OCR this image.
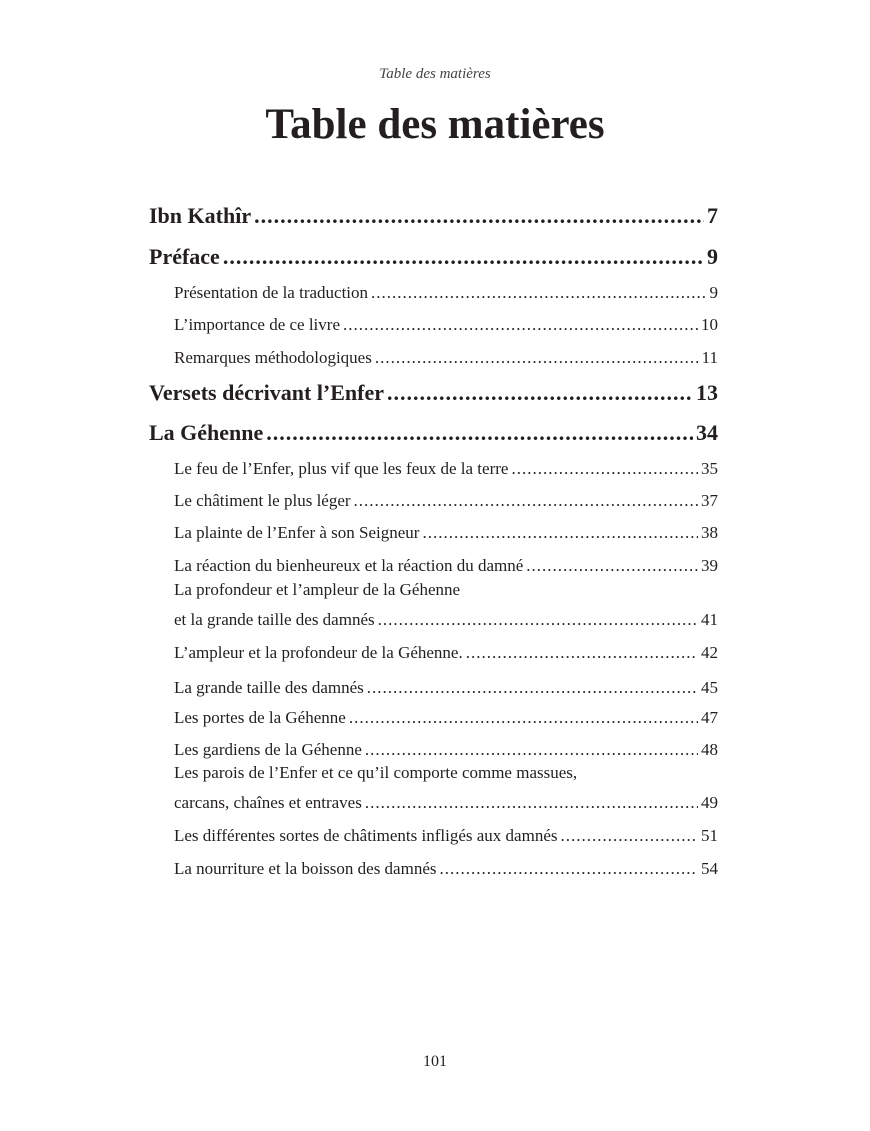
Table des matières
Table des matières
Ibn Kathîr .....	7
Préface .....	9
Présentation de la traduction .....	9
L’importance de ce livre .....	10
Remarques méthodologiques .....	11
Versets décrivant l’Enfer .....	13
La Géhenne .....	34
Le feu de l’Enfer, plus vif que les feux de la terre .....	35
Le châtiment le plus léger .....	37
La plainte de l’Enfer à son Seigneur .....	38
La réaction du bienheureux et la réaction du damné .....	39
La profondeur et l’ampleur de la Géhenne
et la grande taille des damnés .....	41
L’ampleur et la profondeur de la Géhenne. .....	42
La grande taille des damnés .....	45
Les portes de la Géhenne .....	47
Les gardiens de la Géhenne .....	48
Les parois de l’Enfer et ce qu’il comporte comme massues,
carcans, chaînes et entraves .....	49
Les différentes sortes de châtiments infligés aux damnés .....	51
La nourriture et la boisson des damnés .....	54
101
